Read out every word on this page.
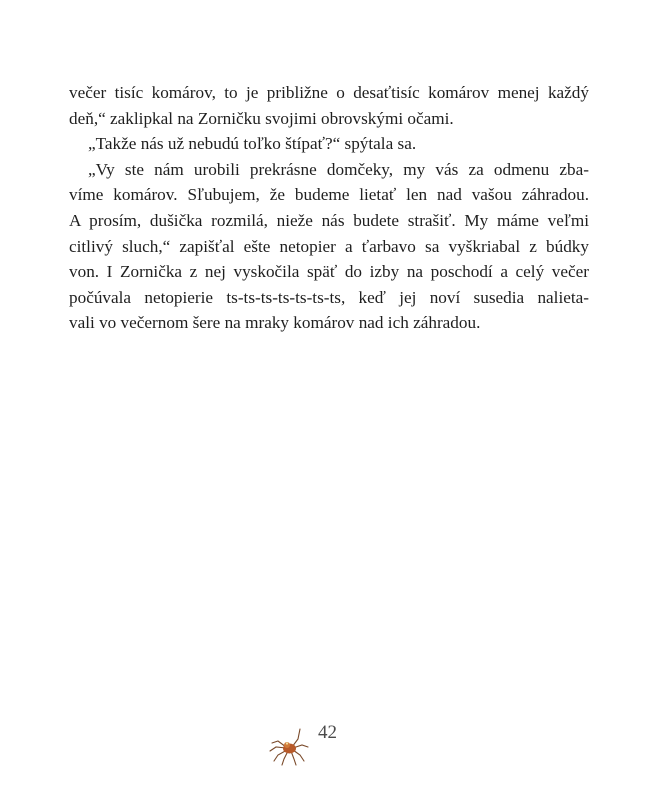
večer tisíc komárov, to je približne o desaťtisíc komárov menej každý
deň,“ zaklipkal na Zorničku svojimi obrovskými očami.
„Takže nás už nebudú toľko štípať?“ spýtala sa.
„Vy ste nám urobili prekrásne domčeky, my vás za odmenu zba-
víme komárov. Sľubujem, že budeme lietať len nad vašou záhradou.
A prosím, dušička rozmilá, nieže nás budete strašiť. My máme veľmi
citlivý sluch,“ zapišťal ešte netopier a ťarbavo sa vyškriabal z búdky
von. I Zornička z nej vyskočila späť do izby na poschodí a celý večer
počúvala netopierie ts-ts-ts-ts-ts-ts-ts, keď jej noví susedia nalieta-
vali vo večernom šere na mraky komárov nad ich záhradou.
42
